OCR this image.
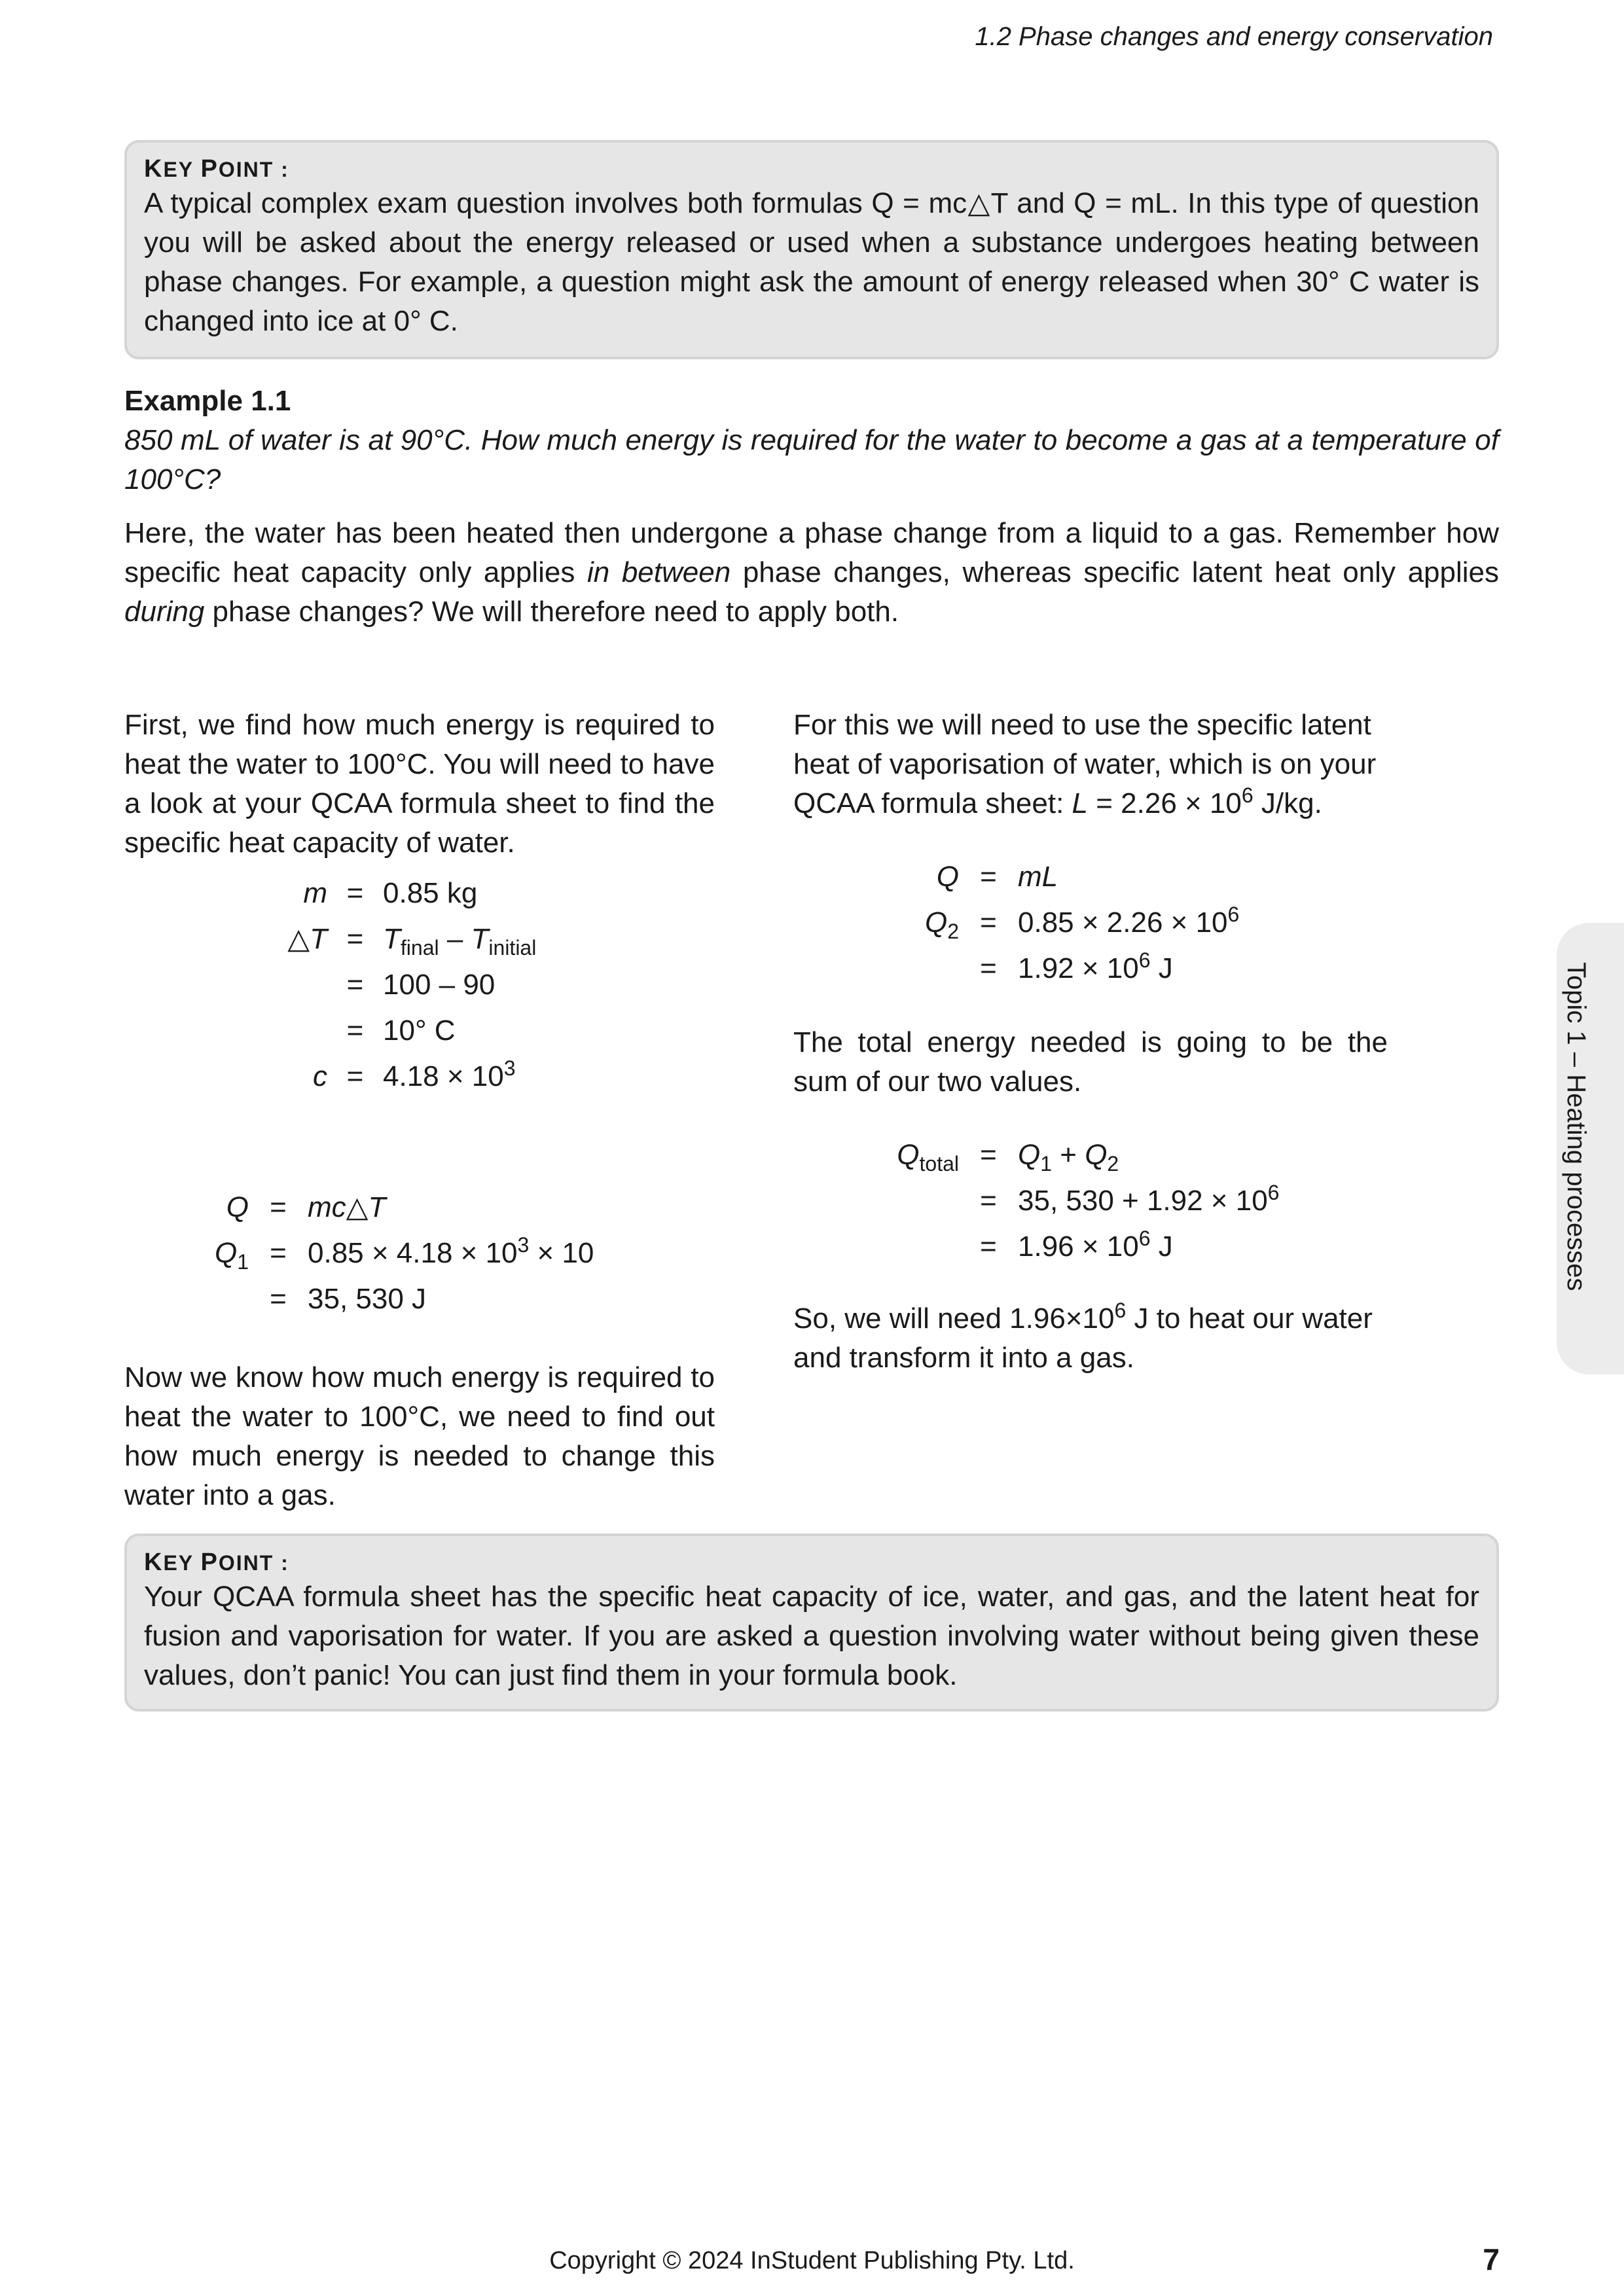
1.2 Phase changes and energy conservation
KEY POINT :
A typical complex exam question involves both formulas Q = mc△T and Q = mL. In this type of question you will be asked about the energy released or used when a substance undergoes heating between phase changes. For example, a question might ask the amount of energy released when 30° C water is changed into ice at 0° C.
Example 1.1
850 mL of water is at 90°C. How much energy is required for the water to become a gas at a temperature of 100°C?
Here, the water has been heated then undergone a phase change from a liquid to a gas. Remember how specific heat capacity only applies in between phase changes, whereas specific latent heat only applies during phase changes? We will therefore need to apply both.
First, we find how much energy is required to heat the water to 100°C. You will need to have a look at your QCAA formula sheet to find the specific heat capacity of water.
m	=	0.85 kg
△T	=	$T_{final} - T_{initial}$
	=	100 – 90
	=	10° C
c	=	$4.18 \times 10^3$
Q	=	mc△T
$Q_1$	=	$0.85 \times 4.18 \times 10^3 \times 10$
	=	35, 530 J
Now we know how much energy is required to heat the water to 100°C, we need to find out how much energy is needed to change this water into a gas.
For this we will need to use the specific latent heat of vaporisation of water, which is on your QCAA formula sheet: $L = 2.26 \times 10^6$ J/kg.
Q	=	mL
$Q_2$	=	$0.85 \times 2.26 \times 10^6$
	=	$1.92 \times 10^6$ J
The total energy needed is going to be the sum of our two values.
$Q_{total}$	=	$Q_1 + Q_2$
	=	35, $530 + 1.92 \times 10^6$
	=	$1.96 \times 10^6$ J
So, we will need $1.96\times 10^6$ J to heat our water and transform it into a gas.
KEY POINT :
Your QCAA formula sheet has the specific heat capacity of ice, water, and gas, and the latent heat for fusion and vaporisation for water. If you are asked a question involving water without being given these values, don’t panic! You can just find them in your formula book.
Topic 1 – Heating processes
Copyright © 2024 InStudent Publishing Pty. Ltd.	7
